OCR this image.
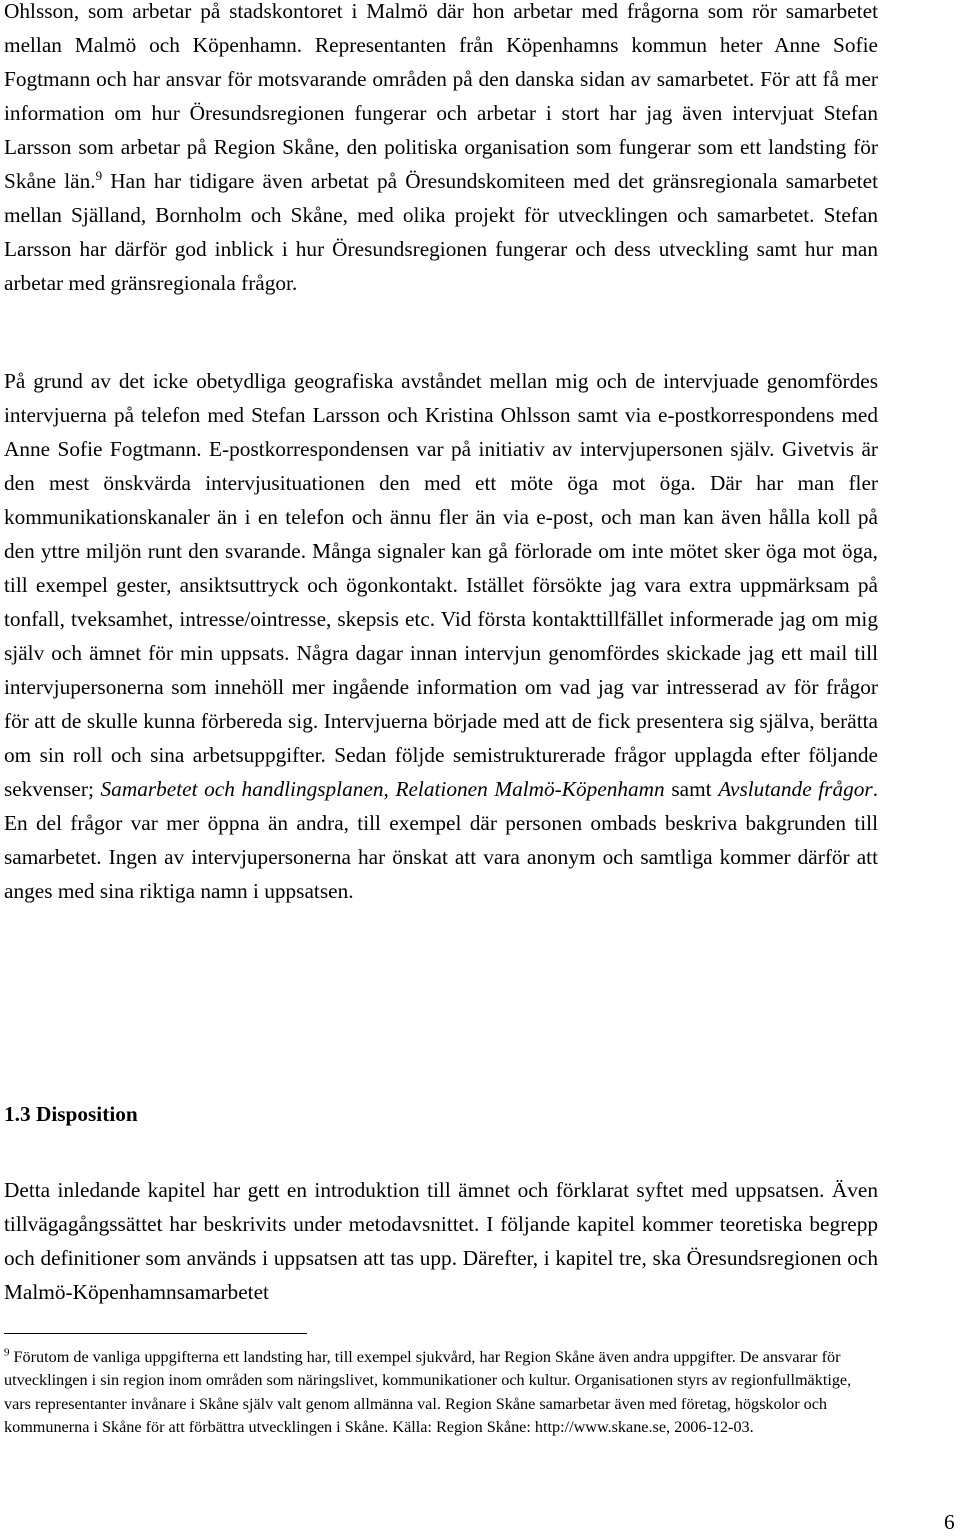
Ohlsson, som arbetar på stadskontoret i Malmö där hon arbetar med frågorna som rör samarbetet mellan Malmö och Köpenhamn. Representanten från Köpenhamns kommun heter Anne Sofie Fogtmann och har ansvar för motsvarande områden på den danska sidan av samarbetet. För att få mer information om hur Öresundsregionen fungerar och arbetar i stort har jag även intervjuat Stefan Larsson som arbetar på Region Skåne, den politiska organisation som fungerar som ett landsting för Skåne län.$^9$ Han har tidigare även arbetat på Öresundskomiteen med det gränsregionala samarbetet mellan Själland, Bornholm och Skåne, med olika projekt för utvecklingen och samarbetet. Stefan Larsson har därför god inblick i hur Öresundsregionen fungerar och dess utveckling samt hur man arbetar med gränsregionala frågor.

På grund av det icke obetydliga geografiska avståndet mellan mig och de intervjuade genomfördes intervjuerna på telefon med Stefan Larsson och Kristina Ohlsson samt via e-postkorrespondens med Anne Sofie Fogtmann. E-postkorrespondensen var på initiativ av intervjupersonen själv. Givetvis är den mest önskvärda intervjusituationen den med ett möte öga mot öga. Där har man fler kommunikationskanaler än i en telefon och ännu fler än via e-post, och man kan även hålla koll på den yttre miljön runt den svarande. Många signaler kan gå förlorade om inte mötet sker öga mot öga, till exempel gester, ansiktsuttryck och ögonkontakt. Istället försökte jag vara extra uppmärksam på tonfall, tveksamhet, intresse/ointresse, skepsis etc. Vid första kontakttillfället informerade jag om mig själv och ämnet för min uppsats. Några dagar innan intervjun genomfördes skickade jag ett mail till intervjupersonerna som innehöll mer ingående information om vad jag var intresserad av för frågor för att de skulle kunna förbereda sig. Intervjuerna började med att de fick presentera sig själva, berätta om sin roll och sina arbetsuppgifter. Sedan följde semistrukturerade frågor upplagda efter följande sekvenser; Samarbetet och handlingsplanen, Relationen Malmö-Köpenhamn samt Avslutande frågor. En del frågor var mer öppna än andra, till exempel där personen ombads beskriva bakgrunden till samarbetet. Ingen av intervjupersonerna har önskat att vara anonym och samtliga kommer därför att anges med sina riktiga namn i uppsatsen.

1.3 Disposition

Detta inledande kapitel har gett en introduktion till ämnet och förklarat syftet med uppsatsen. Även tillvägagångssättet har beskrivits under metodavsnittet. I följande kapitel kommer teoretiska begrepp och definitioner som används i uppsatsen att tas upp. Därefter, i kapitel tre, ska Öresundsregionen och Malmö-Köpenhamnsamarbetet

$^9$ Förutom de vanliga uppgifterna ett landsting har, till exempel sjukvård, har Region Skåne även andra uppgifter. De ansvarar för utvecklingen i sin region inom områden som näringslivet, kommunikationer och kultur. Organisationen styrs av regionfullmäktige, vars representanter invånare i Skåne själv valt genom allmänna val. Region Skåne samarbetar även med företag, högskolor och kommunerna i Skåne för att förbättra utvecklingen i Skåne. Källa: Region Skåne: http://www.skane.se, 2006-12-03.

6
